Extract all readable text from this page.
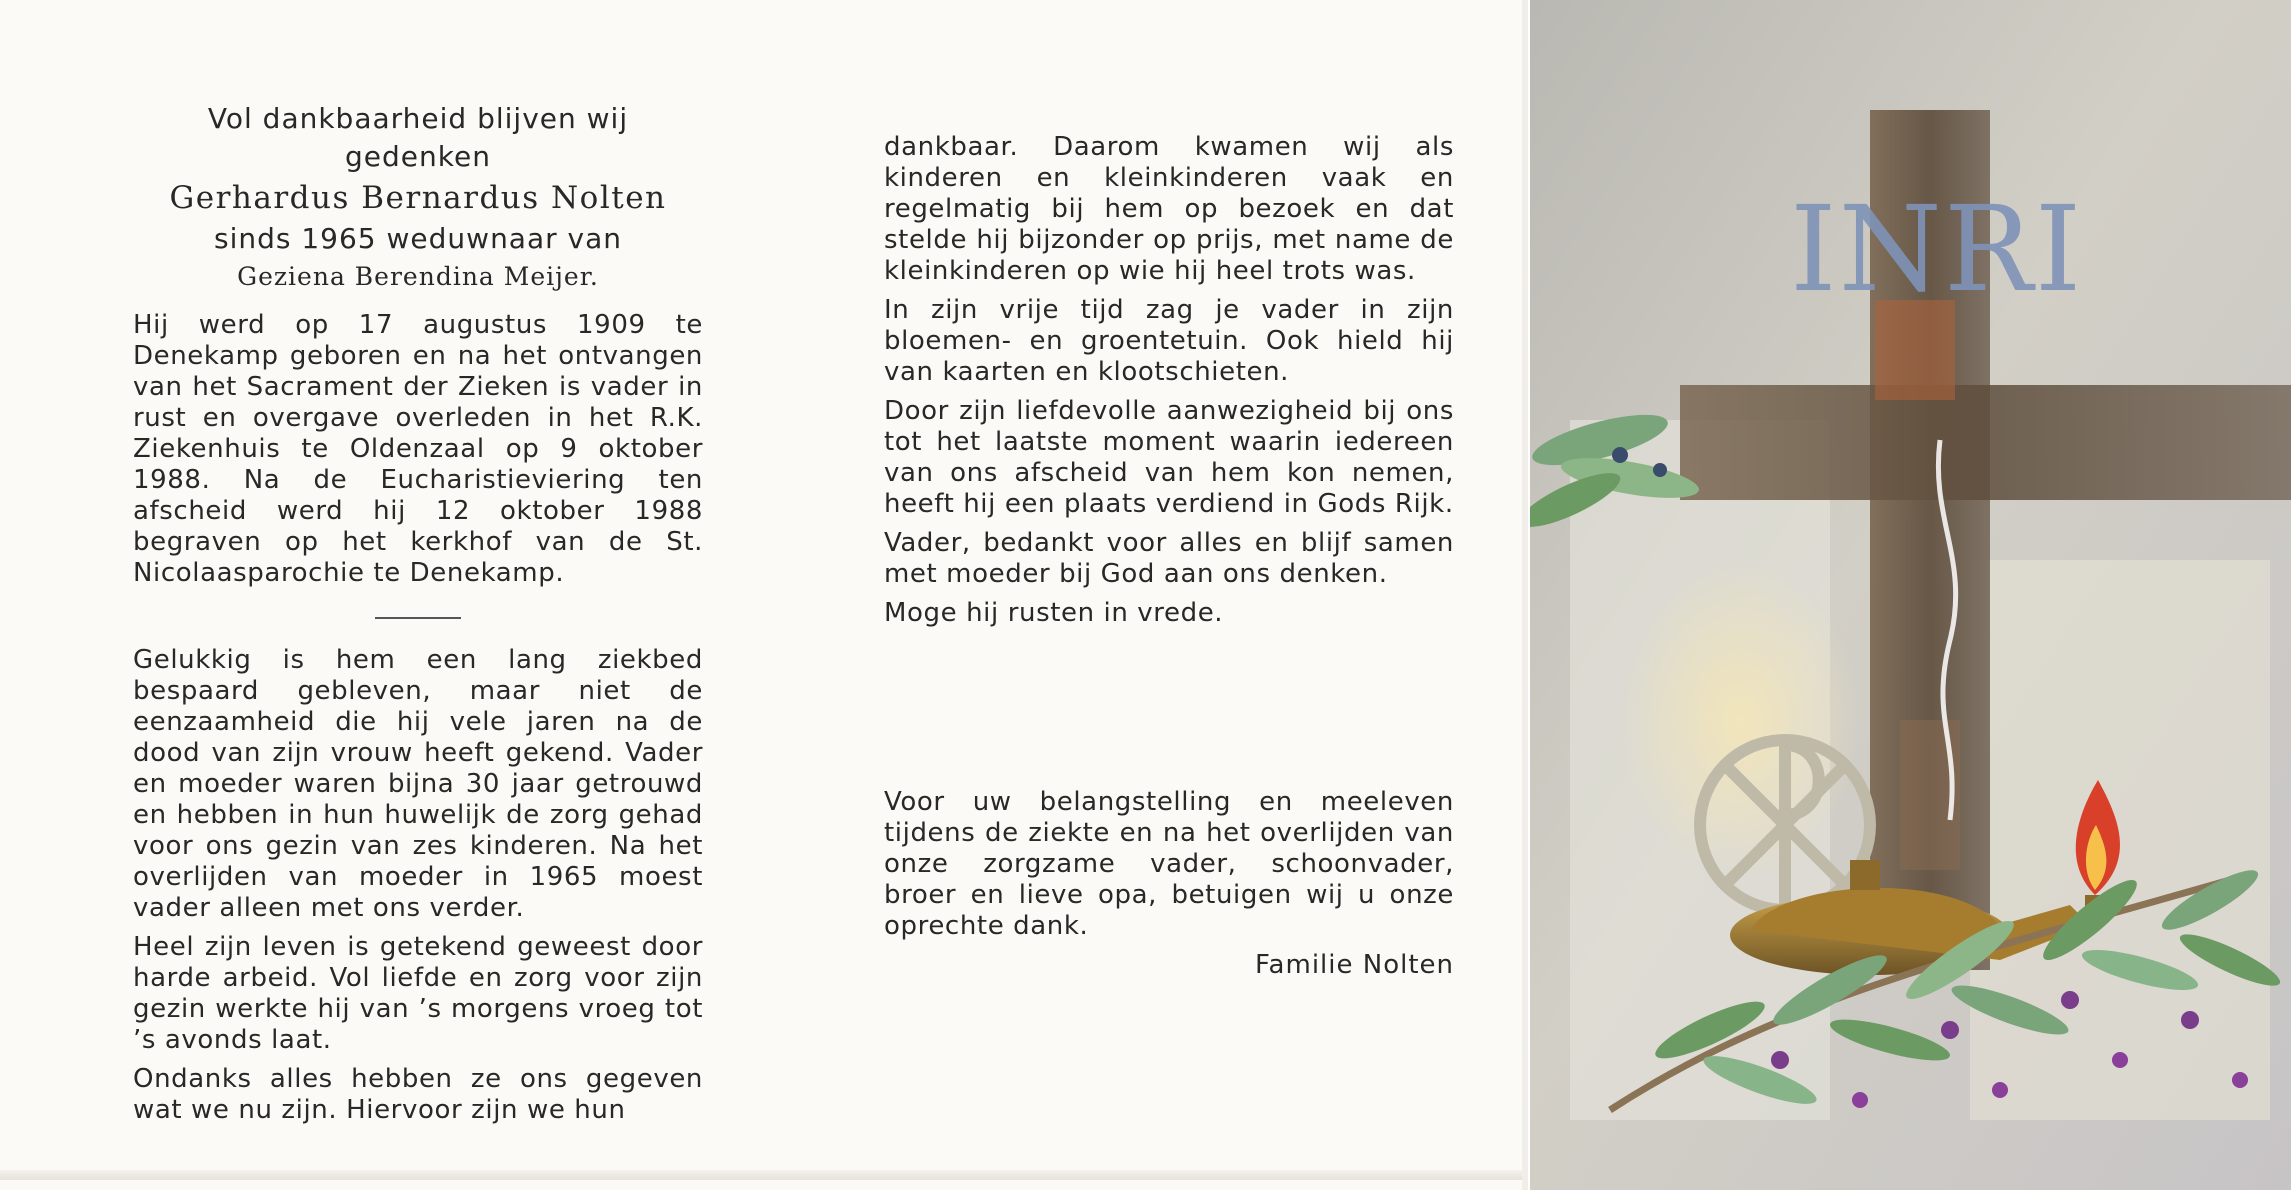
Vol dankbaarheid blijven wij gedenken
Gerhardus Bernardus Nolten
sinds 1965 weduwnaar van
Geziena Berendina Meijer.

Hij werd op 17 augustus 1909 te Denekamp geboren en na het ontvangen van het Sacrament der Zieken is vader in rust en overgave overleden in het R.K. Ziekenhuis te Oldenzaal op 9 oktober 1988. Na de Eucharistieviering ten afscheid werd hij 12 oktober 1988 begraven op het kerkhof van de St. Nicolaasparochie te Denekamp.

Gelukkig is hem een lang ziekbed bespaard gebleven, maar niet de eenzaamheid die hij vele jaren na de dood van zijn vrouw heeft gekend. Vader en moeder waren bijna 30 jaar getrouwd en hebben in hun huwelijk de zorg gehad voor ons gezin van zes kinderen. Na het overlijden van moeder in 1965 moest vader alleen met ons verder.

Heel zijn leven is getekend geweest door harde arbeid. Vol liefde en zorg voor zijn gezin werkte hij van ’s morgens vroeg tot ’s avonds laat.

Ondanks alles hebben ze ons gegeven wat we nu zijn. Hiervoor zijn we hun

dankbaar. Daarom kwamen wij als kinderen en kleinkinderen vaak en regelmatig bij hem op bezoek en dat stelde hij bijzonder op prijs, met name de kleinkinderen op wie hij heel trots was.

In zijn vrije tijd zag je vader in zijn bloemen- en groentetuin. Ook hield hij van kaarten en klootschieten.

Door zijn liefdevolle aanwezigheid bij ons tot het laatste moment waarin iedereen van ons afscheid van hem kon nemen, heeft hij een plaats verdiend in Gods Rijk.

Vader, bedankt voor alles en blijf samen met moeder bij God aan ons denken.

Moge hij rusten in vrede.

Voor uw belangstelling en meeleven tijdens de ziekte en na het overlijden van onze zorgzame vader, schoonvader, broer en lieve opa, betuigen wij u onze oprechte dank.

Familie Nolten
INRI
